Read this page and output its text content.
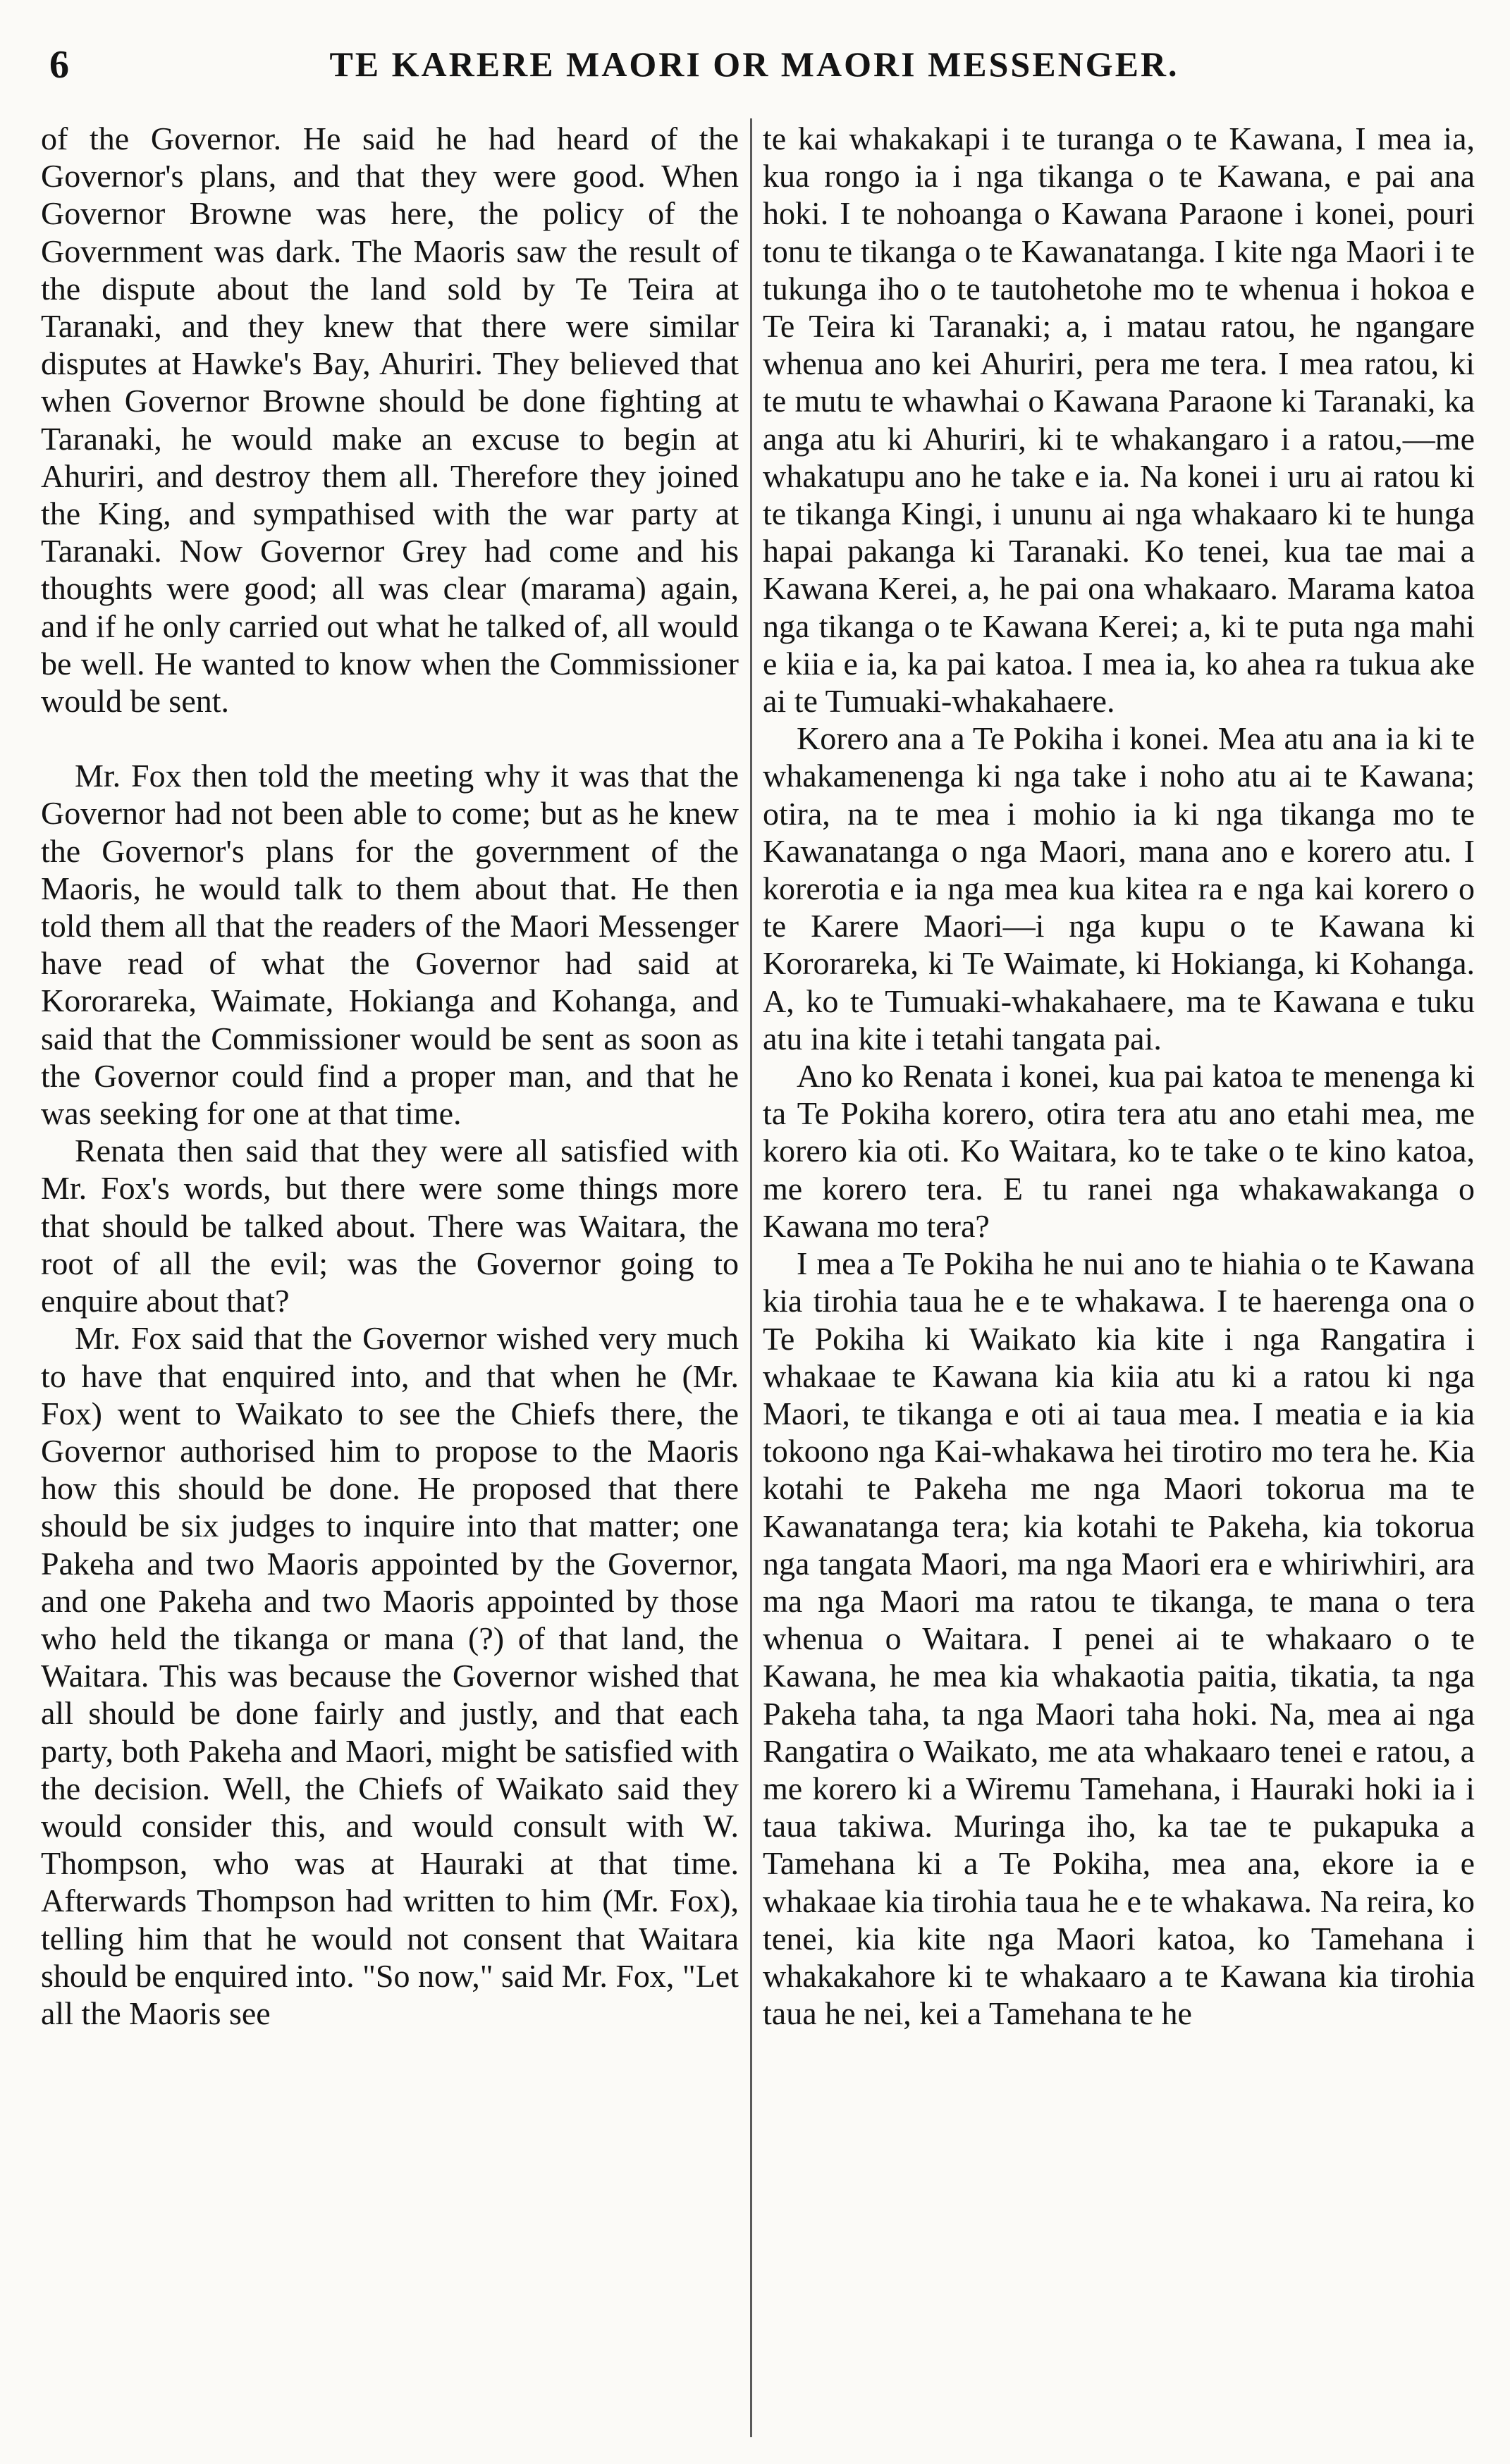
6	TE KARERE MAORI OR MAORI MESSENGER.

of the Governor. He said he had heard of the Governor's plans, and that they were good. When Governor Browne was here, the policy of the Government was dark. The Maoris saw the result of the dispute about the land sold by Te Teira at Taranaki, and they knew that there were similar disputes at Hawke's Bay, Ahuriri. They believed that when Governor Browne should be done fighting at Taranaki, he would make an excuse to begin at Ahuriri, and destroy them all. Therefore they joined the King, and sympathised with the war party at Taranaki. Now Governor Grey had come and his thoughts were good; all was clear (marama) again, and if he only carried out what he talked of, all would be well. He wanted to know when the Commissioner would be sent.

Mr. Fox then told the meeting why it was that the Governor had not been able to come; but as he knew the Governor's plans for the government of the Maoris, he would talk to them about that. He then told them all that the readers of the Maori Messenger have read of what the Governor had said at Kororareka, Waimate, Hokianga and Kohanga, and said that the Commissioner would be sent as soon as the Governor could find a proper man, and that he was seeking for one at that time.

Renata then said that they were all satisfied with Mr. Fox's words, but there were some things more that should be talked about. There was Waitara, the root of all the evil; was the Governor going to enquire about that?

Mr. Fox said that the Governor wished very much to have that enquired into, and that when he (Mr. Fox) went to Waikato to see the Chiefs there, the Governor authorised him to propose to the Maoris how this should be done. He proposed that there should be six judges to inquire into that matter; one Pakeha and two Maoris appointed by the Governor, and one Pakeha and two Maoris appointed by those who held the tikanga or mana (?) of that land, the Waitara. This was because the Governor wished that all should be done fairly and justly, and that each party, both Pakeha and Maori, might be satisfied with the decision. Well, the Chiefs of Waikato said they would consider this, and would consult with W. Thompson, who was at Hauraki at that time. Afterwards Thompson had written to him (Mr. Fox), telling him that he would not consent that Waitara should be enquired into. "So now," said Mr. Fox, "Let all the Maoris see

te kai whakakapi i te turanga o te Kawana, I mea ia, kua rongo ia i nga tikanga o te Kawana, e pai ana hoki. I te nohoanga o Kawana Paraone i konei, pouri tonu te tikanga o te Kawanatanga. I kite nga Maori i te tukunga iho o te tautohetohe mo te whenua i hokoa e Te Teira ki Taranaki; a, i matau ratou, he ngangare whenua ano kei Ahuriri, pera me tera. I mea ratou, ki te mutu te whawhai o Kawana Paraone ki Taranaki, ka anga atu ki Ahuriri, ki te whakangaro i a ratou,—me whakatupu ano he take e ia. Na konei i uru ai ratou ki te tikanga Kingi, i ununu ai nga whakaaro ki te hunga hapai pakanga ki Taranaki. Ko tenei, kua tae mai a Kawana Kerei, a, he pai ona whakaaro. Marama katoa nga tikanga o te Kawana Kerei; a, ki te puta nga mahi e kiia e ia, ka pai katoa. I mea ia, ko ahea ra tukua ake ai te Tumuaki-whakahaere.

Korero ana a Te Pokiha i konei. Mea atu ana ia ki te whakamenenga ki nga take i noho atu ai te Kawana; otira, na te mea i mohio ia ki nga tikanga mo te Kawanatanga o nga Maori, mana ano e korero atu. I korerotia e ia nga mea kua kitea ra e nga kai korero o te Karere Maori—i nga kupu o te Kawana ki Kororareka, ki Te Waimate, ki Hokianga, ki Kohanga. A, ko te Tumuaki-whakahaere, ma te Kawana e tuku atu ina kite i tetahi tangata pai.

Ano ko Renata i konei, kua pai katoa te menenga ki ta Te Pokiha korero, otira tera atu ano etahi mea, me korero kia oti. Ko Waitara, ko te take o te kino katoa, me korero tera. E tu ranei nga whakawakanga o Kawana mo tera?

I mea a Te Pokiha he nui ano te hiahia o te Kawana kia tirohia taua he e te whakawa. I te haerenga ona o Te Pokiha ki Waikato kia kite i nga Rangatira i whakaae te Kawana kia kiia atu ki a ratou ki nga Maori, te tikanga e oti ai taua mea. I meatia e ia kia tokoono nga Kai-whakawa hei tirotiro mo tera he. Kia kotahi te Pakeha me nga Maori tokorua ma te Kawanatanga tera; kia kotahi te Pakeha, kia tokorua nga tangata Maori, ma nga Maori era e whiriwhiri, ara ma nga Maori ma ratou te tikanga, te mana o tera whenua o Waitara. I penei ai te whakaaro o te Kawana, he mea kia whakaotia paitia, tikatia, ta nga Pakeha taha, ta nga Maori taha hoki. Na, mea ai nga Rangatira o Waikato, me ata whakaaro tenei e ratou, a me korero ki a Wiremu Tamehana, i Hauraki hoki ia i taua takiwa. Muringa iho, ka tae te pukapuka a Tamehana ki a Te Pokiha, mea ana, ekore ia e whakaae kia tirohia taua he e te whakawa. Na reira, ko tenei, kia kite nga Maori katoa, ko Tamehana i whakakahore ki te whakaaro a te Kawana kia tirohia taua he nei, kei a Tamehana te he
